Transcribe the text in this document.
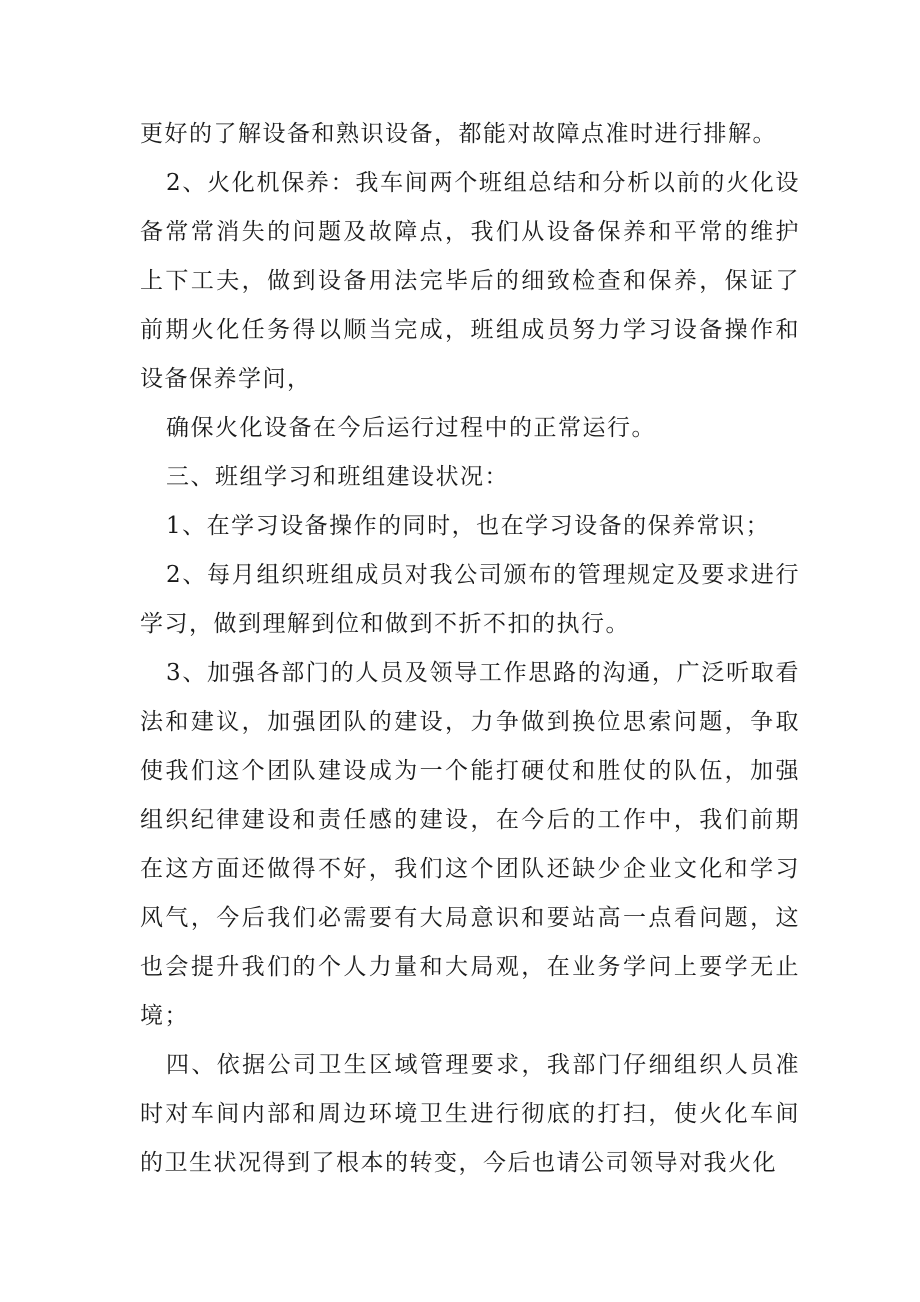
更好的了解设备和熟识设备，都能对故障点准时进行排解。

2、火化机保养：我车间两个班组总结和分析以前的火化设备常常消失的问题及故障点，我们从设备保养和平常的维护上下工夫，做到设备用法完毕后的细致检查和保养，保证了前期火化任务得以顺当完成，班组成员努力学习设备操作和设备保养学问，

确保火化设备在今后运行过程中的正常运行。

三、班组学习和班组建设状况：

1、在学习设备操作的同时，也在学习设备的保养常识；

2、每月组织班组成员对我公司颁布的管理规定及要求进行学习，做到理解到位和做到不折不扣的执行。

3、加强各部门的人员及领导工作思路的沟通，广泛听取看法和建议，加强团队的建设，力争做到换位思索问题，争取使我们这个团队建设成为一个能打硬仗和胜仗的队伍，加强组织纪律建设和责任感的建设，在今后的工作中，我们前期在这方面还做得不好，我们这个团队还缺少企业文化和学习风气，今后我们必需要有大局意识和要站高一点看问题，这也会提升我们的个人力量和大局观，在业务学问上要学无止境；

四、依据公司卫生区域管理要求，我部门仔细组织人员准时对车间内部和周边环境卫生进行彻底的打扫，使火化车间的卫生状况得到了根本的转变，今后也请公司领导对我火化
